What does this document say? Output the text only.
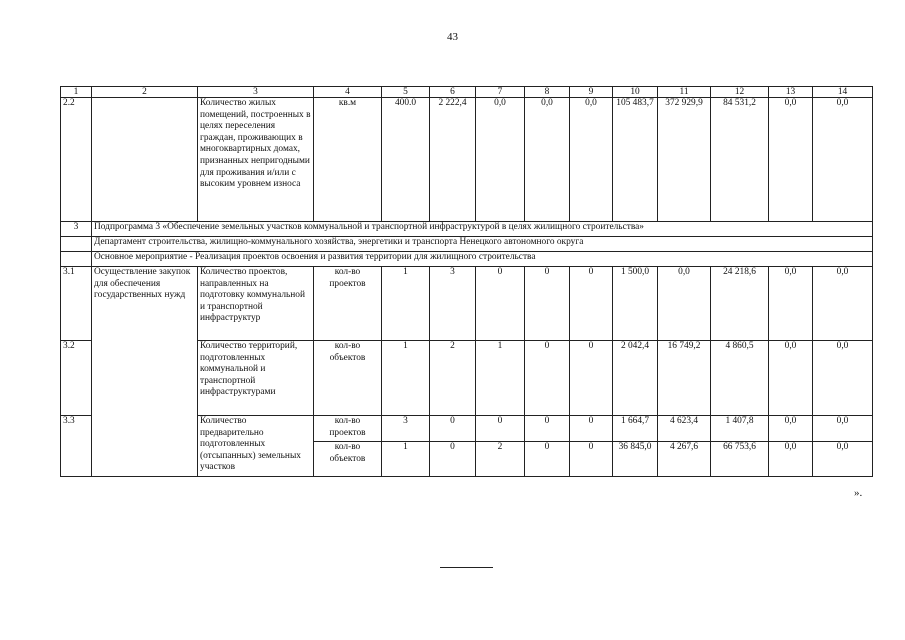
43
1	2	3	4	5	6	7	8	9	10	11	12	13	14
2.2		Количество жилых помещений, построенных в целях переселения граждан, проживающих в многоквартирных домах, признанных непригодными для проживания и/или с высоким уровнем износа	кв.м	400.0	2 222,4	0,0	0,0	0,0	105 483,7	372 929,9	84 531,2	0,0	0,0
3	Подпрограмма 3 «Обеспечение земельных участков коммунальной и транспортной инфраструктурой в целях жилищного строительства»												
	Департамент строительства, жилищно-коммунального хозяйства, энергетики и транспорта Ненецкого автономного округа												
	Основное мероприятие - Реализация проектов освоения и развития территории для жилищного строительства												
3.1	Осуществление закупок для обеспечения государственных нужд	Количество проектов, направленных на подготовку коммунальной и транспортной инфраструктур	кол-во проектов	1	3	0	0	0	1 500,0	0,0	24 218,6	0,0	0,0
3.2		Количество территорий, подготовленных коммунальной и транспортной инфраструктурами	кол-во объектов	1	2	1	0	0	2 042,4	16 749,2	4 860,5	0,0	0,0
3.3		Количество предварительно подготовленных (отсыпанных) земельных участков	кол-во проектов	3	0	0	0	0	1 664,7	4 623,4	1 407,8	0,0	0,0
			кол-во объектов	1	0	2	0	0	36 845,0	4 267,6	66 753,6	0,0	0,0
».
